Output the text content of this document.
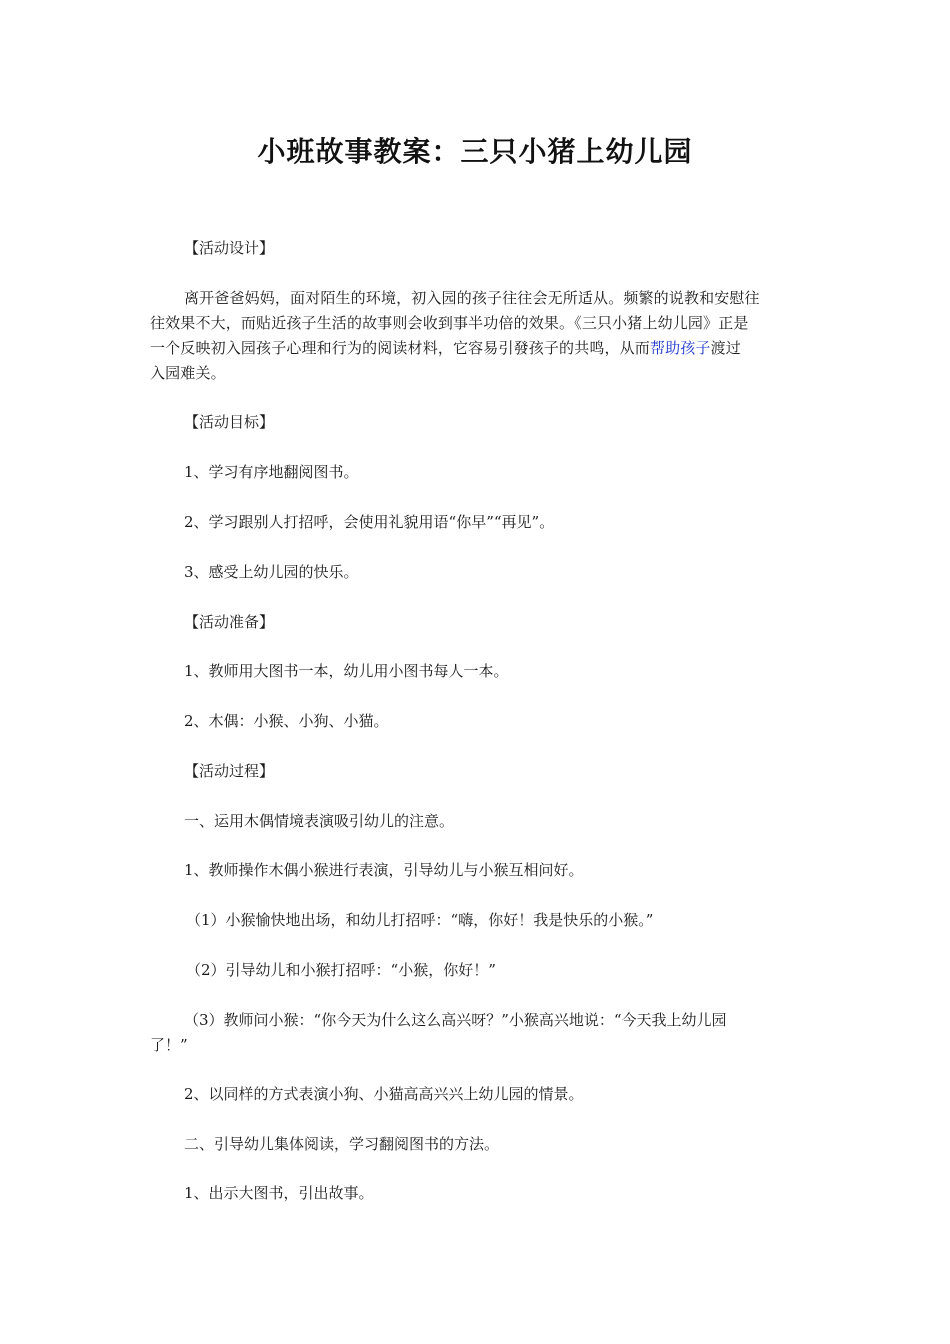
小班故事教案：三只小猪上幼儿园

【活动设计】

离开爸爸妈妈，面对陌生的环境，初入园的孩子往往会无所适从。频繁的说教和安慰往
往效果不大，而贴近孩子生活的故事则会收到事半功倍的效果。《三只小猪上幼儿园》正是
一个反映初入园孩子心理和行为的阅读材料，它容易引發孩子的共鸣，从而帮助孩子渡过
入园难关。

【活动目标】

1、学习有序地翻阅图书。

2、学习跟别人打招呼，会使用礼貌用语“你早”“再见”。

3、感受上幼儿园的快乐。

【活动准备】

1、教师用大图书一本，幼儿用小图书每人一本。

2、木偶：小猴、小狗、小猫。

【活动过程】

一、运用木偶情境表演吸引幼儿的注意。

1、教师操作木偶小猴进行表演，引导幼儿与小猴互相问好。

（1）小猴愉快地出场，和幼儿打招呼：“嗨，你好！我是快乐的小猴。”

（2）引导幼儿和小猴打招呼：“小猴，你好！”

（3）教师问小猴：“你今天为什么这么高兴呀？”小猴高兴地说：“今天我上幼儿园
了！”

2、以同样的方式表演小狗、小猫高高兴兴上幼儿园的情景。

二、引导幼儿集体阅读，学习翻阅图书的方法。

1、出示大图书，引出故事。
